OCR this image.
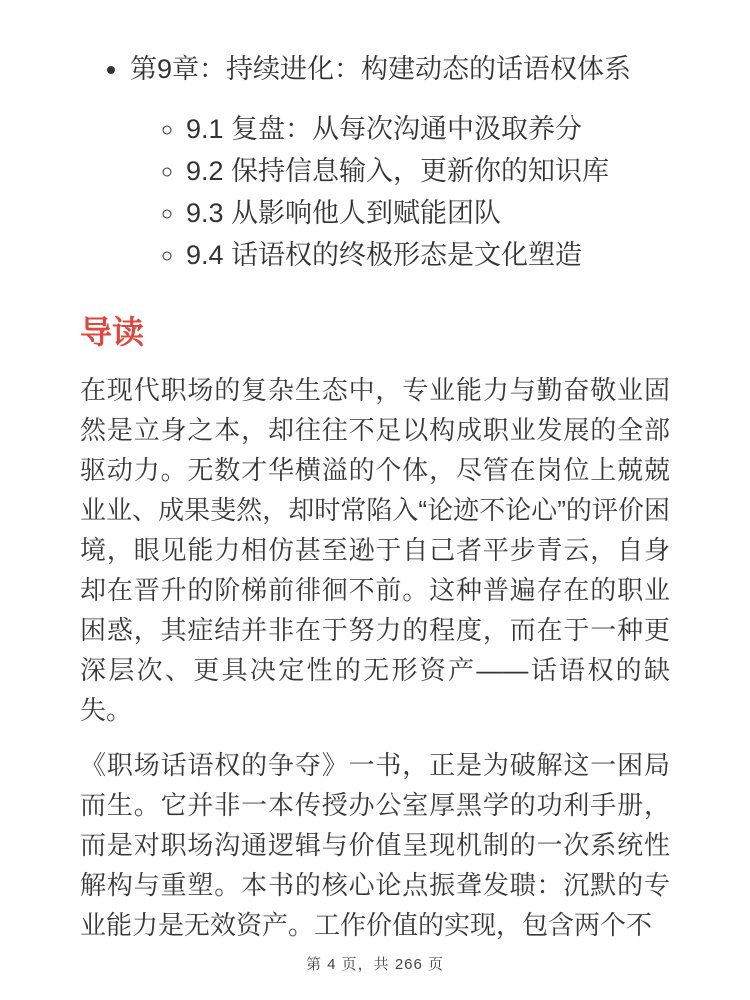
• 第9章：持续进化：构建动态的话语权体系
◦ 9.1 复盘：从每次沟通中汲取养分
◦ 9.2 保持信息输入，更新你的知识库
◦ 9.3 从影响他人到赋能团队
◦ 9.4 话语权的终极形态是文化塑造
导读

在现代职场的复杂生态中，专业能力与勤奋敬业固然是立身之本，却往往不足以构成职业发展的全部驱动力。无数才华横溢的个体，尽管在岗位上兢兢业业、成果斐然，却时常陷入“论迹不论心”的评价困境，眼见能力相仿甚至逊于自己者平步青云，自身却在晋升的阶梯前徘徊不前。这种普遍存在的职业困惑，其症结并非在于努力的程度，而在于一种更深层次、更具决定性的无形资产——话语权的缺失。

《职场话语权的争夺》一书，正是为破解这一困局而生。它并非一本传授办公室厚黑学的功利手册，而是对职场沟通逻辑与价值呈现机制的一次系统性解构与重塑。本书的核心论点振聋发聩：沉默的专业能力是无效资产。工作价值的实现，包含两个不

第 4 页，共 266 页
